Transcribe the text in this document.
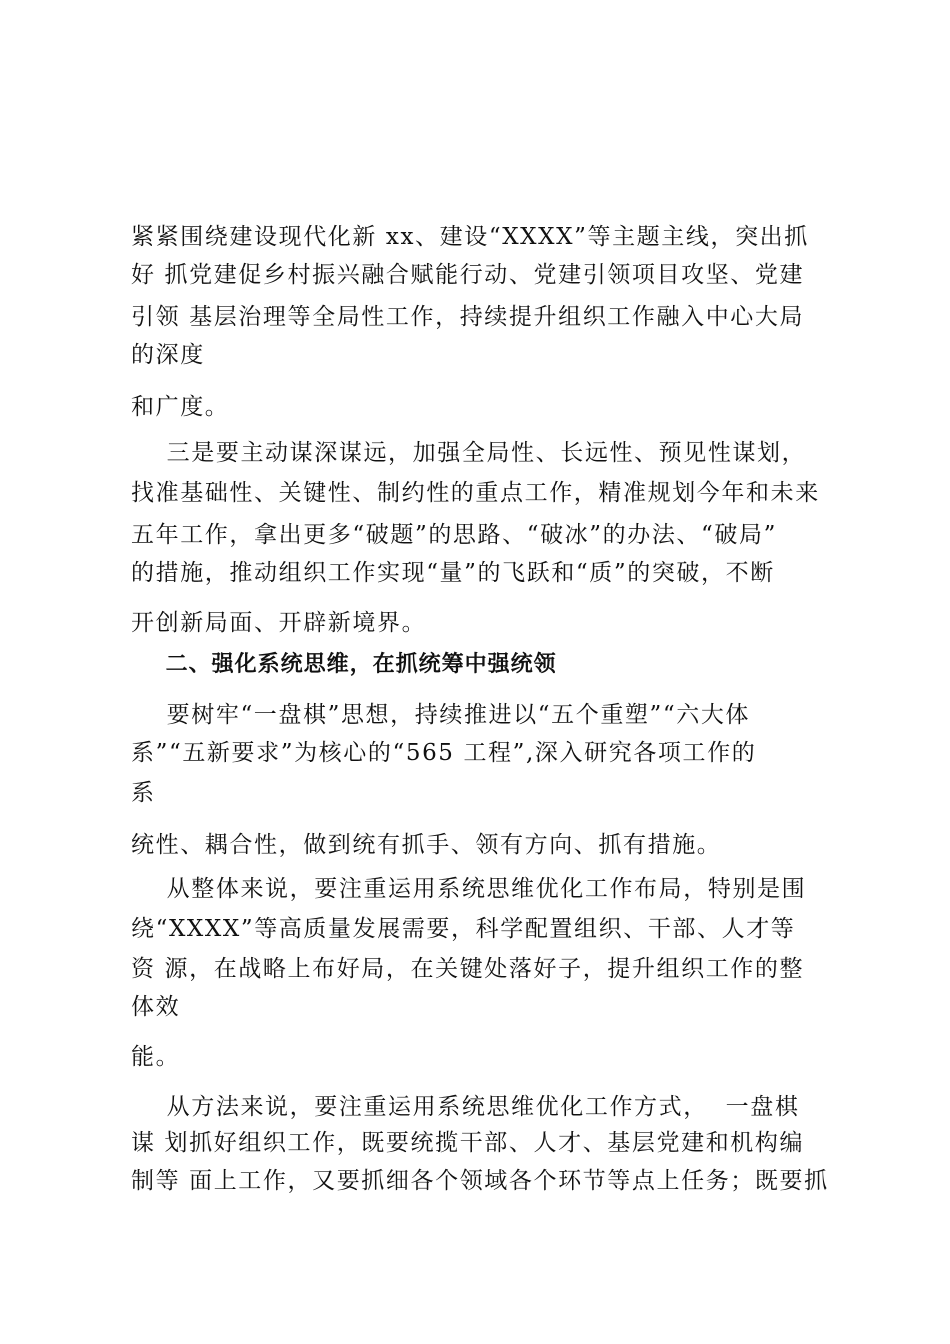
紧紧围绕建设现代化新 xx、建设“XXXX”等主题主线，突出抓
好 抓党建促乡村振兴融合赋能行动、党建引领项目攻坚、党建
引领 基层治理等全局性工作，持续提升组织工作融入中心大局
的深度
和广度。
三是要主动谋深谋远，加强全局性、长远性、预见性谋划，
找准基础性、关键性、制约性的重点工作，精准规划今年和未来
五年工作，拿出更多“破题”的思路、“破冰”的办法、“破局”
的措施，推动组织工作实现“量”的飞跃和“质”的突破，不断
开创新局面、开辟新境界。
二、强化系统思维，在抓统筹中强统领
要树牢“一盘棋”思想，持续推进以“五个重塑”“六大体
系”“五新要求”为核心的“565 工程”,深入研究各项工作的
系
统性、耦合性，做到统有抓手、领有方向、抓有措施。
从整体来说，要注重运用系统思维优化工作布局，特别是围
绕“XXXX”等高质量发展需要，科学配置组织、干部、人才等
资 源，在战略上布好局，在关键处落好子，提升组织工作的整
体效
能。
从方法来说，要注重运用系统思维优化工作方式，  一盘棋
谋 划抓好组织工作，既要统揽干部、人才、基层党建和机构编
制等 面上工作，又要抓细各个领域各个环节等点上任务；既要抓
